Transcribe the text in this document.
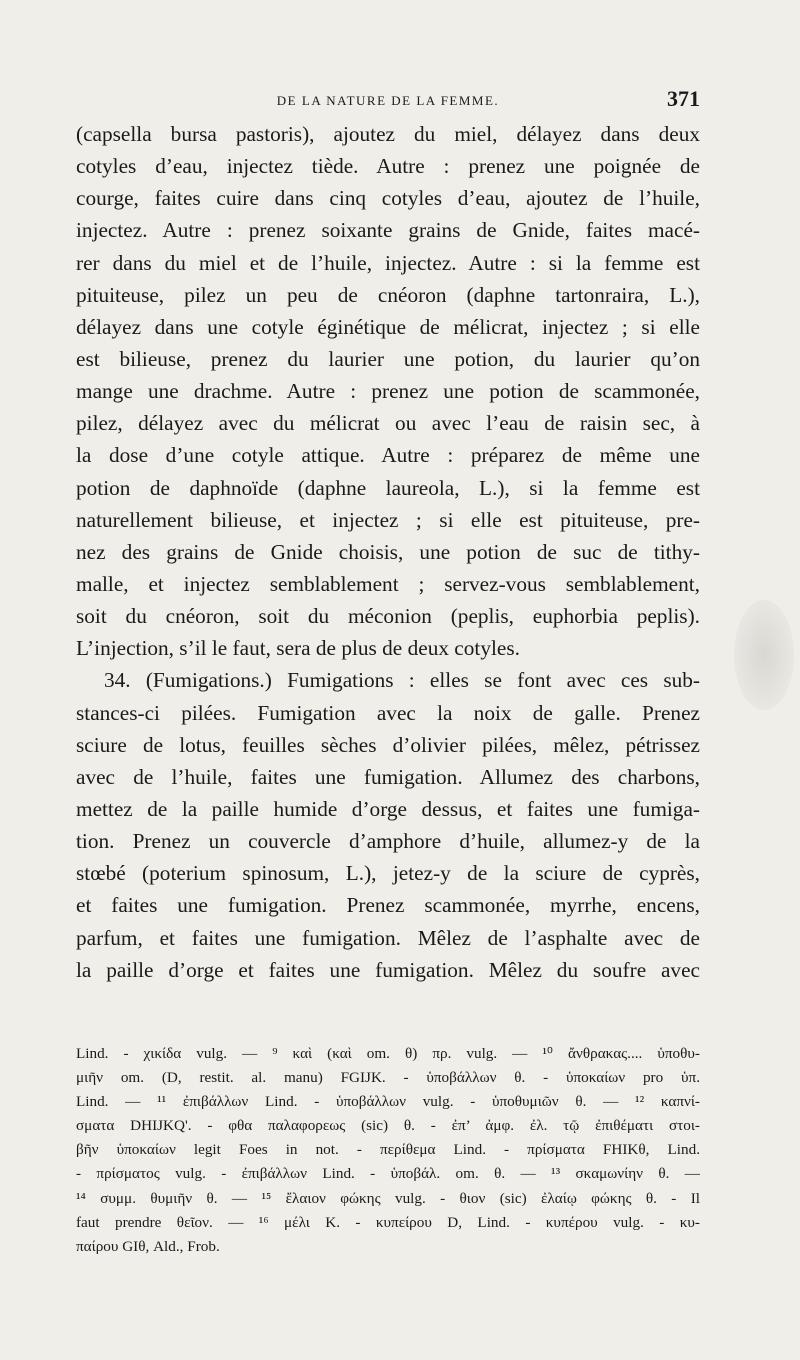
DE LA NATURE DE LA FEMME.	371
(capsella bursa pastoris), ajoutez du miel, délayez dans deux
cotyles d’eau, injectez tiède. Autre : prenez une poignée de
courge, faites cuire dans cinq cotyles d’eau, ajoutez de l’huile,
injectez. Autre : prenez soixante grains de Gnide, faites macé-
rer dans du miel et de l’huile, injectez. Autre : si la femme est
pituiteuse, pilez un peu de cnéoron (daphne tartonraira, L.),
délayez dans une cotyle éginétique de mélicrat, injectez ; si elle
est bilieuse, prenez du laurier une potion, du laurier qu’on
mange une drachme. Autre : prenez une potion de scammonée,
pilez, délayez avec du mélicrat ou avec l’eau de raisin sec, à
la dose d’une cotyle attique. Autre : préparez de même une
potion de daphnoïde (daphne laureola, L.), si la femme est
naturellement bilieuse, et injectez ; si elle est pituiteuse, pre-
nez des grains de Gnide choisis, une potion de suc de tithy-
malle, et injectez semblablement ; servez-vous semblablement,
soit du cnéoron, soit du méconion (peplis, euphorbia peplis).
L’injection, s’il le faut, sera de plus de deux cotyles.
34. (Fumigations.) Fumigations : elles se font avec ces sub-
stances-ci pilées. Fumigation avec la noix de galle. Prenez
sciure de lotus, feuilles sèches d’olivier pilées, mêlez, pétrissez
avec de l’huile, faites une fumigation. Allumez des charbons,
mettez de la paille humide d’orge dessus, et faites une fumiga-
tion. Prenez un couvercle d’amphore d’huile, allumez-y de la
stœbé (poterium spinosum, L.), jetez-y de la sciure de cyprès,
et faites une fumigation. Prenez scammonée, myrrhe, encens,
parfum, et faites une fumigation. Mêlez de l’asphalte avec de
la paille d’orge et faites une fumigation. Mêlez du soufre avec
Lind. - χικίδα vulg. — ⁹ καὶ (καὶ om. θ) πρ. vulg. — ¹⁰ ἄνθρακας.... ὑποθυ-
μιῆν om. (D, restit. al. manu) FGIJK. - ὑποβάλλων θ. - ὑποκαίων pro ὑπ.
Lind. — ¹¹ ἐπιβάλλων Lind. - ὑποβάλλων vulg. - ὑποθυμιῶν θ. — ¹² καπνί-
σματα DHIJKQ'. - φθα παλαφορεως (sic) θ. - ἐπ’ ἀμφ. ἐλ. τῷ ἐπιθέματι στοι-
βῆν ὑποκαίων legit Foes in not. - περίθεμα Lind. - πρίσματα FHIKθ, Lind.
- πρίσματος vulg. - ἐπιβάλλων Lind. - ὑποβάλ. om. θ. — ¹³ σκαμωνίην θ. —
¹⁴ συμμ. θυμιῆν θ. — ¹⁵ ἔλαιον φώκης vulg. - θιον (sic) ἐλαίῳ φώκης θ. - Il
faut prendre θεῖον. — ¹⁶ μέλι K. - κυπείρου D, Lind. - κυπέρου vulg. - κυ-
παίρου GIθ, Ald., Frob.
